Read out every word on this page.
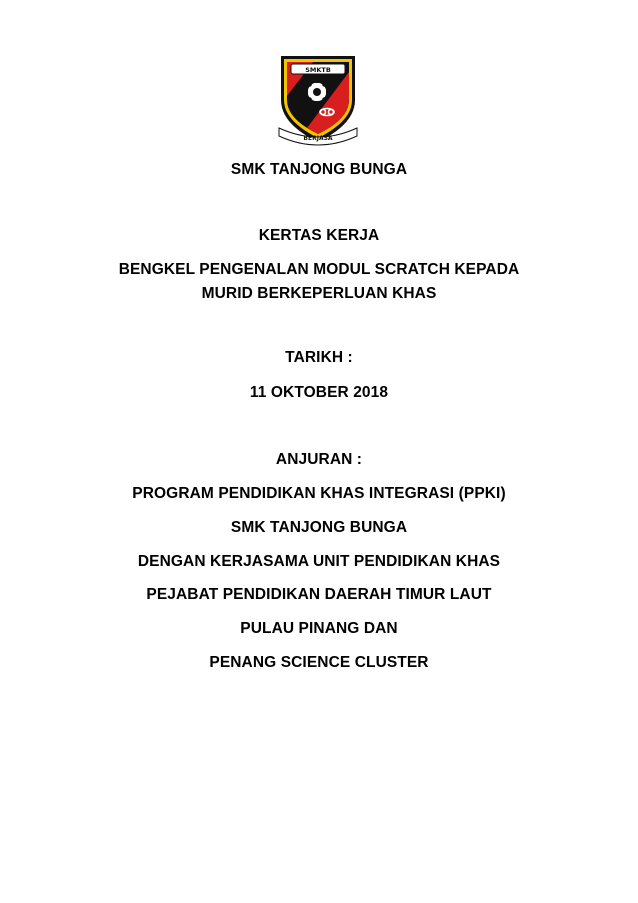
SMKTB
BERJASA
SMK TANJONG BUNGA
KERTAS KERJA
BENGKEL PENGENALAN MODUL SCRATCH KEPADA
MURID BERKEPERLUAN KHAS
TARIKH :
11 OKTOBER 2018
ANJURAN :
PROGRAM PENDIDIKAN KHAS INTEGRASI (PPKI)
SMK TANJONG BUNGA
DENGAN KERJASAMA UNIT PENDIDIKAN KHAS
PEJABAT PENDIDIKAN DAERAH TIMUR LAUT
PULAU PINANG DAN
PENANG SCIENCE CLUSTER
